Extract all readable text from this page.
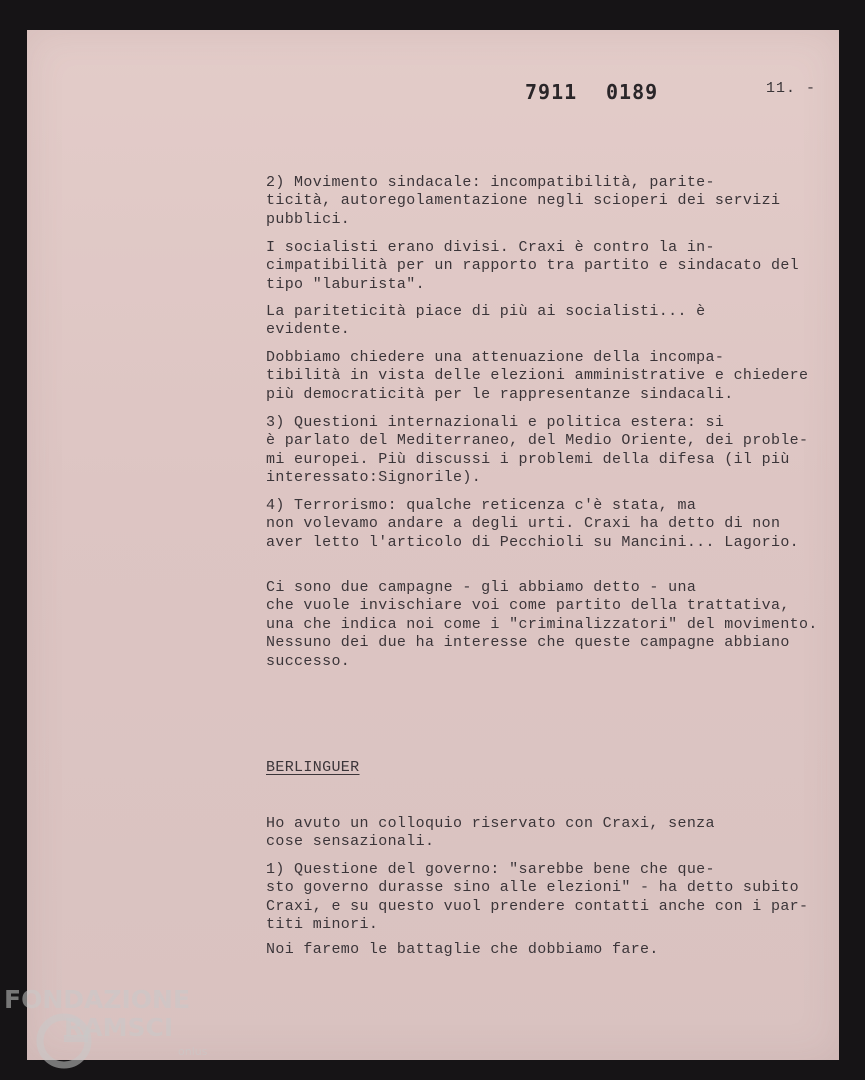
7911 0189	11. -

2) Movimento sindacale: incompatibilità, parite-
ticità, autoregolamentazione negli scioperi dei servizi
pubblici.

I socialisti erano divisi. Craxi è contro la in-
cimpatibilità per un rapporto tra partito e sindacato del
tipo "laburista".

La pariteticità piace di più ai socialisti... è
evidente.

Dobbiamo chiedere una attenuazione della incompa-
tibilità in vista delle elezioni amministrative e chiedere
più democraticità per le rappresentanze sindacali.

3) Questioni internazionali e politica estera: si
è parlato del Mediterraneo, del Medio Oriente, dei proble-
mi europei. Più discussi i problemi della difesa (il più
interessato:Signorile).

4) Terrorismo: qualche reticenza c'è stata, ma
non volevamo andare a degli urti. Craxi ha detto di non
aver letto l'articolo di Pecchioli su Mancini... Lagorio.

Ci sono due campagne - gli abbiamo detto - una
che vuole invischiare voi come partito della trattativa,
una che indica noi come i "criminalizzatori" del movimento.
Nessuno dei due ha interesse che queste campagne abbiano
successo.

BERLINGUER

Ho avuto un colloquio riservato con Craxi, senza
cose sensazionali.

1) Questione del governo: "sarebbe bene che que-
sto governo durasse sino alle elezioni" - ha detto subito
Craxi, e su questo vuol prendere contatti anche con i par-
titi minori.

Noi faremo le battaglie che dobbiamo fare.

FONDAZIONE
RAMSCI
onlus
